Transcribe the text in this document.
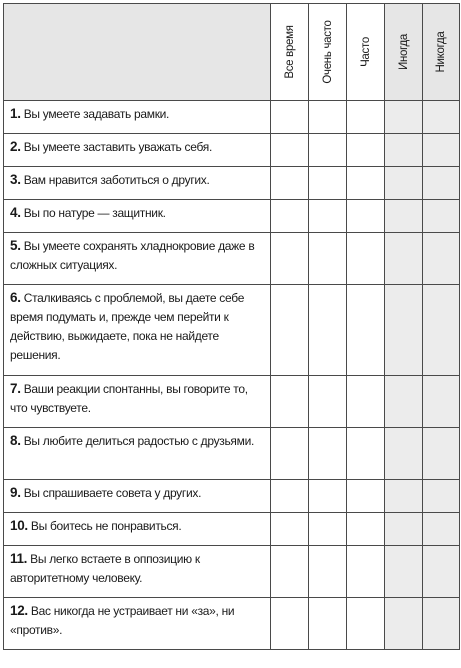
	Все время	Очень часто	Часто	Иногда	Никогда

1. Вы умеете задавать рамки.					
2. Вы умеете заставить уважать себя.					
3. Вам нравится заботиться о других.					
4. Вы по натуре — защитник.					
5. Вы умеете сохранять хладнокровие даже в сложных ситуациях.					
6. Сталкиваясь с проблемой, вы даете себе время подумать и, прежде чем перейти к действию, выжидаете, пока не найдете решения.					
7. Ваши реакции спонтанны, вы говорите то, что чувствуете.					
8. Вы любите делиться радостью с друзьями.					
9. Вы спрашиваете совета у других.					
10. Вы боитесь не понравиться.					
11. Вы легко встаете в оппозицию к авторитетному человеку.					
12. Вас никогда не устраивает ни «за», ни «против».					
